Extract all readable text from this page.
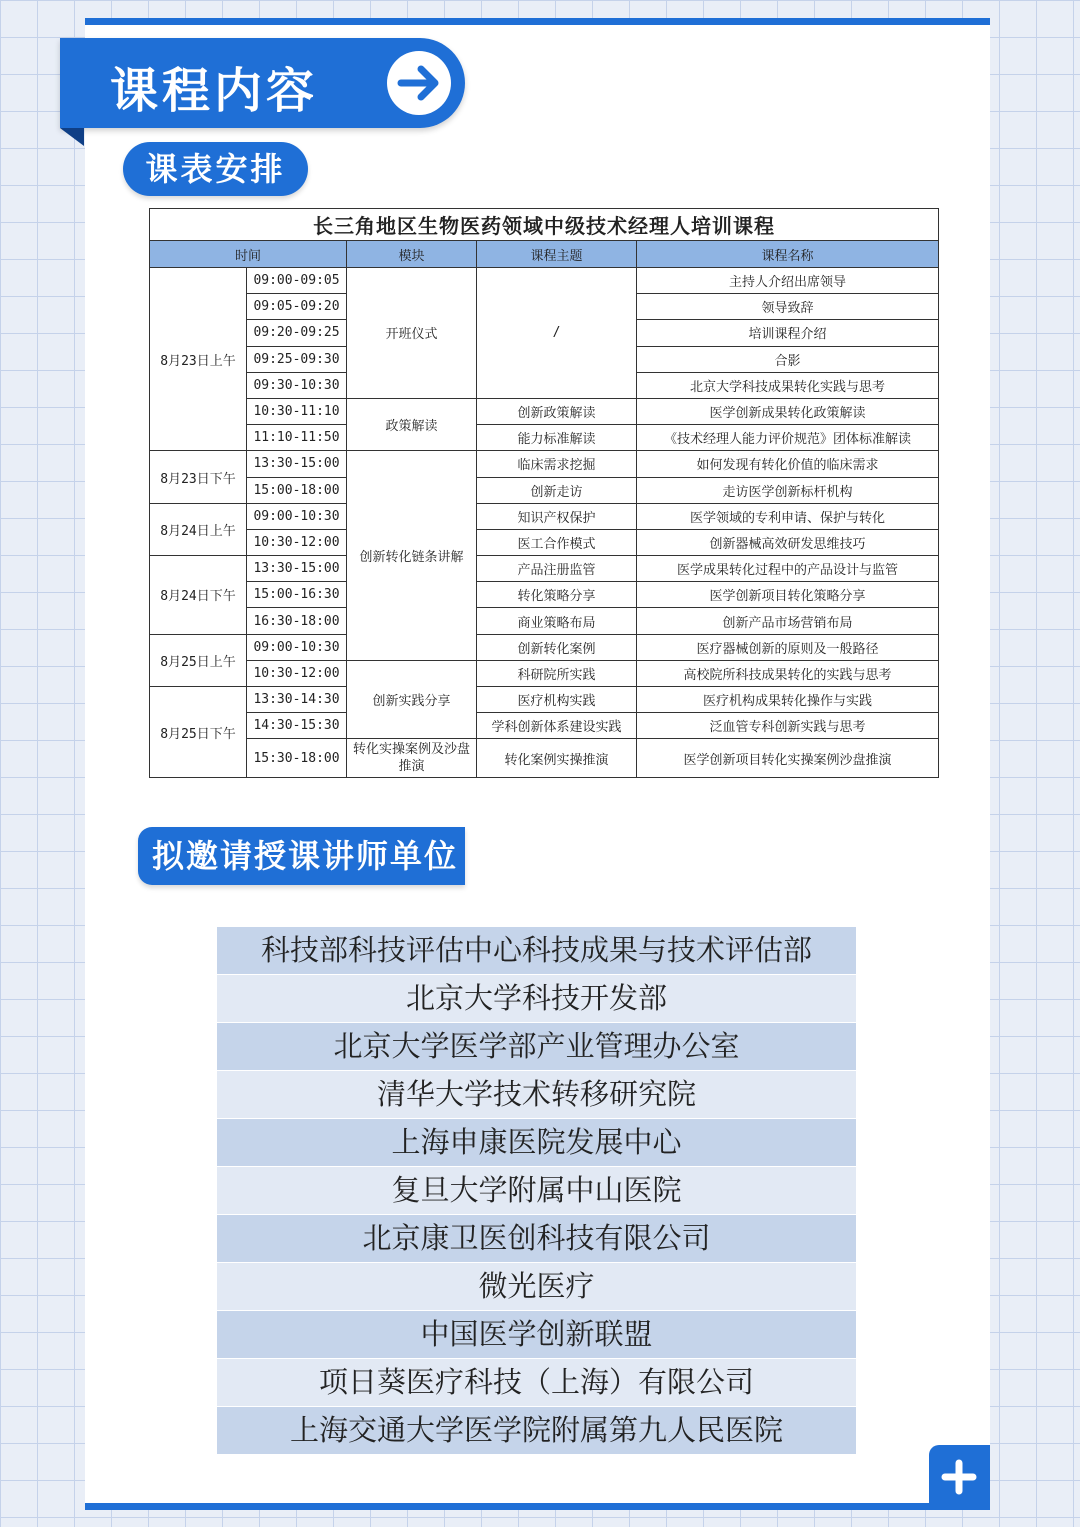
课程内容
课表安排
长三角地区生物医药领域中级技术经理人培训课程				
时间		模块	课程主题	课程名称
8月23日上午	09:00-09:05	开班仪式	/	主持人介绍出席领导
	09:05-09:20			领导致辞
	09:20-09:25			培训课程介绍
	09:25-09:30			合影
	09:30-10:30			北京大学科技成果转化实践与思考
	10:30-11:10	政策解读	创新政策解读	医学创新成果转化政策解读
	11:10-11:50		能力标准解读	《技术经理人能力评价规范》团体标准解读
8月23日下午	13:30-15:00	创新转化链条讲解	临床需求挖掘	如何发现有转化价值的临床需求
	15:00-18:00		创新走访	走访医学创新标杆机构
8月24日上午	09:00-10:30		知识产权保护	医学领域的专利申请、保护与转化
	10:30-12:00		医工合作模式	创新器械高效研发思维技巧
8月24日下午	13:30-15:00		产品注册监管	医学成果转化过程中的产品设计与监管
	15:00-16:30		转化策略分享	医学创新项目转化策略分享
	16:30-18:00		商业策略布局	创新产品市场营销布局
8月25日上午	09:00-10:30		创新转化案例	医疗器械创新的原则及一般路径
	10:30-12:00	创新实践分享	科研院所实践	高校院所科技成果转化的实践与思考
8月25日下午	13:30-14:30		医疗机构实践	医疗机构成果转化操作与实践
	14:30-15:30		学科创新体系建设实践	泛血管专科创新实践与思考
	15:30-18:00	转化实操案例及沙盘推演	转化案例实操推演	医学创新项目转化实操案例沙盘推演
拟邀请授课讲师单位
科技部科技评估中心科技成果与技术评估部
北京大学科技开发部
北京大学医学部产业管理办公室
清华大学技术转移研究院
上海申康医院发展中心
复旦大学附属中山医院
北京康卫医创科技有限公司
微光医疗
中国医学创新联盟
项日葵医疗科技（上海）有限公司
上海交通大学医学院附属第九人民医院
